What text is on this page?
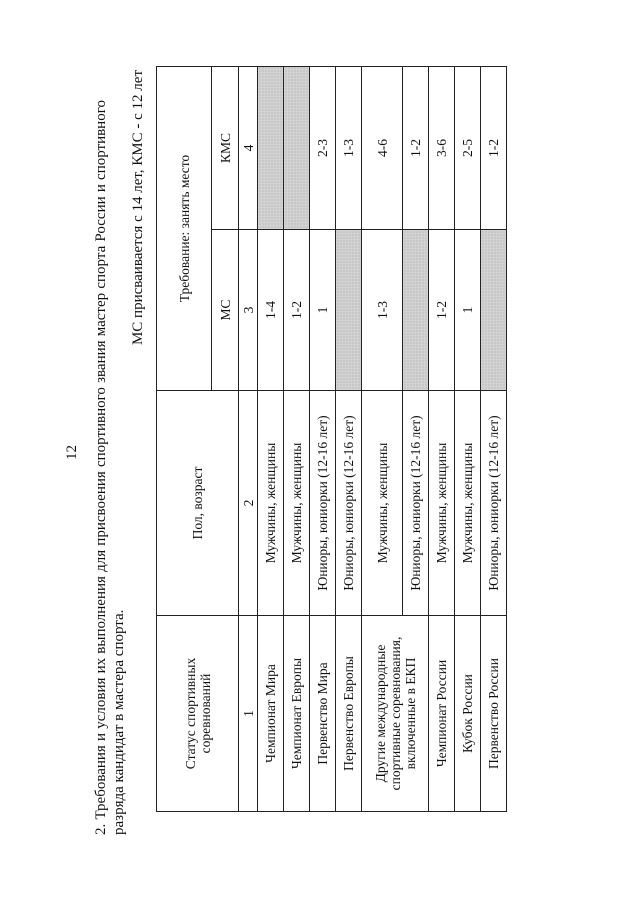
12 2. Требования и условия их выполнения для присвоения спортивного звания мастер спорта России и спортивного разряда кандидат в мастера спорта.
МС присваивается с 14 лет, КМС - с 12 лет
Статус спортивных соревнований	Пол, возраст	Требование: занять место	
		МС	КМС
1	2	3	4
Чемпионат Мира	Мужчины, женщины	1-4	
Чемпионат Европы	Мужчины, женщины	1-2	
Первенство Мира	Юниоры, юниорки (12-16 лет)	1	2-3
Первенство Европы	Юниоры, юниорки (12-16 лет)		1-3
Другие международные спортивные соревнования, включенные в ЕКП	Мужчины, женщины	1-3	4-6
	Юниоры, юниорки (12-16 лет)		1-2
Чемпионат России	Мужчины, женщины	1-2	3-6
Кубок России	Мужчины, женщины	1	2-5
Первенство России	Юниоры, юниорки (12-16 лет)		1-2
